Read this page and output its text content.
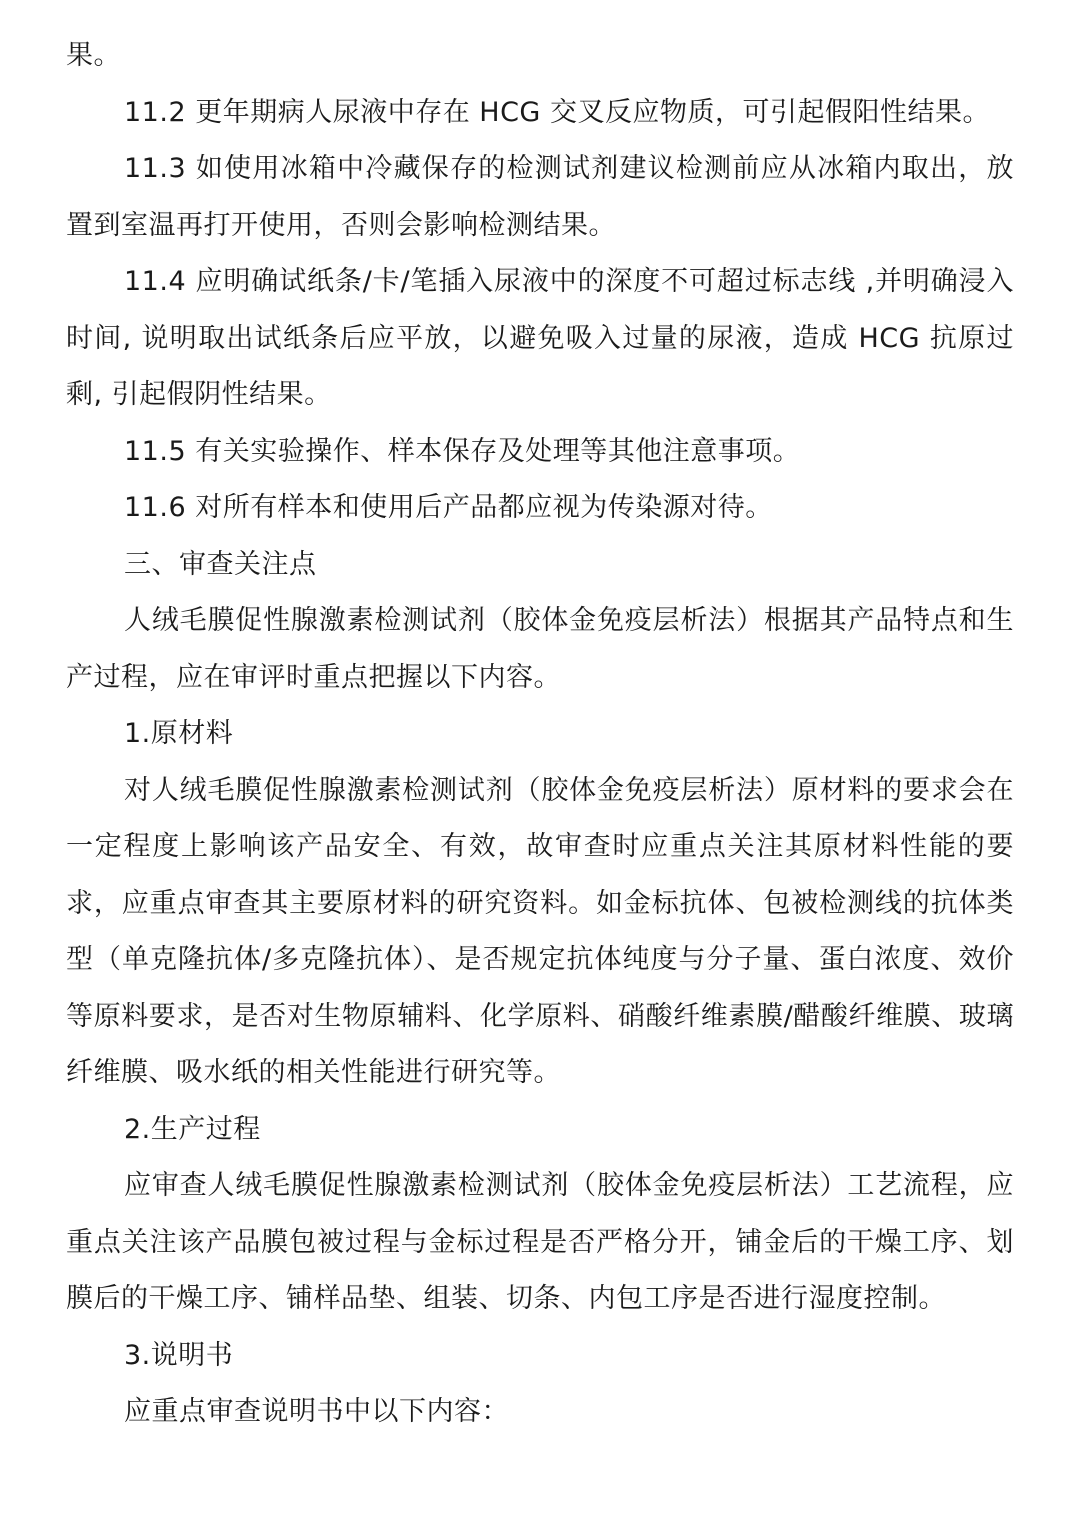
果。

11.2 更年期病人尿液中存在 HCG 交叉反应物质，可引起假阳性结果。

11.3 如使用冰箱中冷藏保存的检测试剂建议检测前应从冰箱内取出，放置到室温再打开使用，否则会影响检测结果。

11.4 应明确试纸条/卡/笔插入尿液中的深度不可超过标志线 ,并明确浸入时间, 说明取出试纸条后应平放，以避免吸入过量的尿液，造成 HCG 抗原过剩, 引起假阴性结果。

11.5 有关实验操作、样本保存及处理等其他注意事项。

11.6 对所有样本和使用后产品都应视为传染源对待。

三、审查关注点

人绒毛膜促性腺激素检测试剂（胶体金免疫层析法）根据其产品特点和生产过程，应在审评时重点把握以下内容。

1.原材料

对人绒毛膜促性腺激素检测试剂（胶体金免疫层析法）原材料的要求会在一定程度上影响该产品安全、有效，故审查时应重点关注其原材料性能的要求，应重点审查其主要原材料的研究资料。如金标抗体、包被检测线的抗体类型（单克隆抗体/多克隆抗体）、是否规定抗体纯度与分子量、蛋白浓度、效价等原料要求，是否对生物原辅料、化学原料、硝酸纤维素膜/醋酸纤维膜、玻璃纤维膜、吸水纸的相关性能进行研究等。

2.生产过程

应审查人绒毛膜促性腺激素检测试剂（胶体金免疫层析法）工艺流程，应重点关注该产品膜包被过程与金标过程是否严格分开，铺金后的干燥工序、划膜后的干燥工序、铺样品垫、组装、切条、内包工序是否进行湿度控制。

3.说明书

应重点审查说明书中以下内容：
